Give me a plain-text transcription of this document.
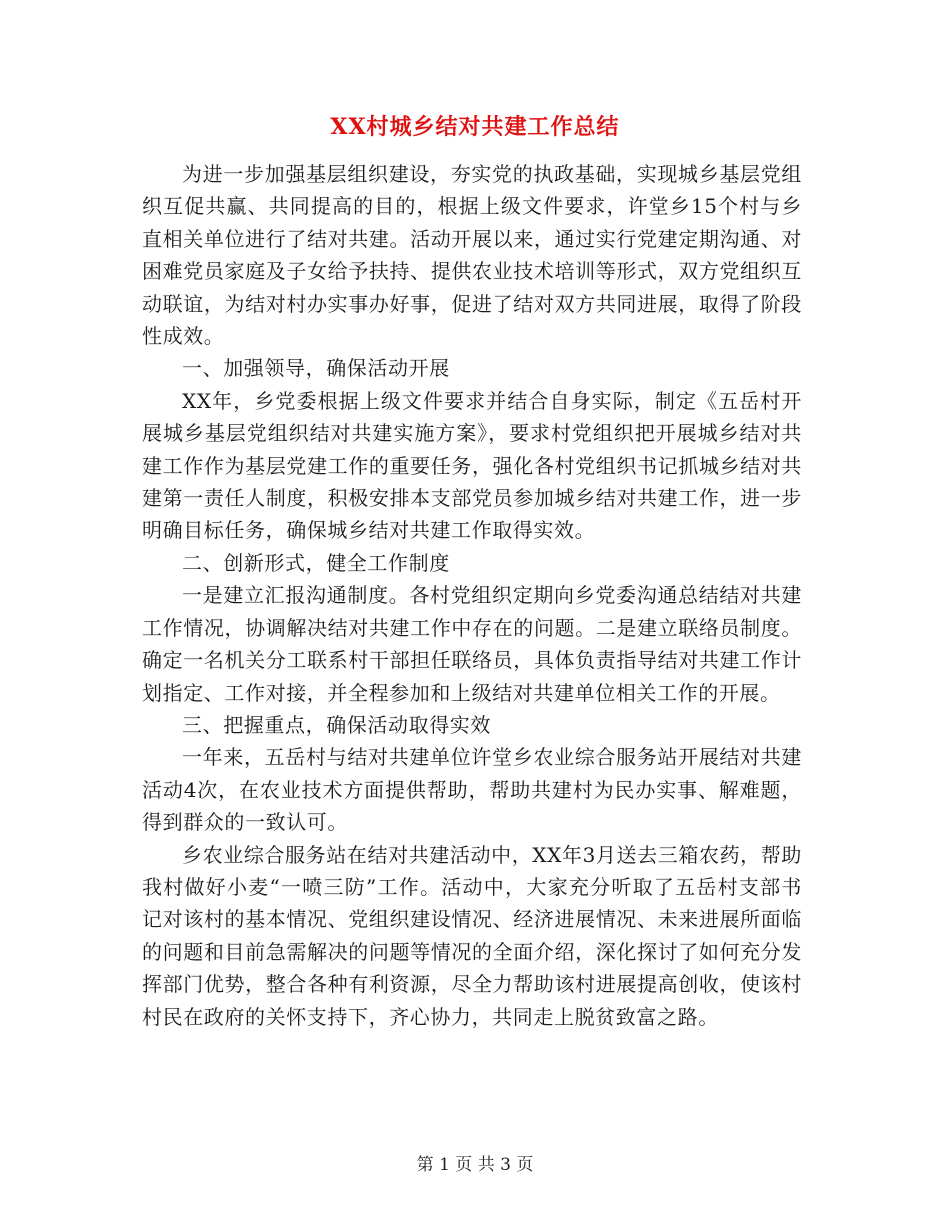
XX村城乡结对共建工作总结

为进一步加强基层组织建设，夯实党的执政基础，实现城乡基层党组织互促共赢、共同提高的目的，根据上级文件要求，许堂乡15个村与乡直相关单位进行了结对共建。活动开展以来，通过实行党建定期沟通、对困难党员家庭及子女给予扶持、提供农业技术培训等形式，双方党组织互动联谊，为结对村办实事办好事，促进了结对双方共同进展，取得了阶段性成效。

一、加强领导，确保活动开展

XX年，乡党委根据上级文件要求并结合自身实际，制定《五岳村开展城乡基层党组织结对共建实施方案》，要求村党组织把开展城乡结对共建工作作为基层党建工作的重要任务，强化各村党组织书记抓城乡结对共建第一责任人制度，积极安排本支部党员参加城乡结对共建工作，进一步明确目标任务，确保城乡结对共建工作取得实效。

二、创新形式，健全工作制度

一是建立汇报沟通制度。各村党组织定期向乡党委沟通总结结对共建工作情况，协调解决结对共建工作中存在的问题。二是建立联络员制度。确定一名机关分工联系村干部担任联络员，具体负责指导结对共建工作计划指定、工作对接，并全程参加和上级结对共建单位相关工作的开展。

三、把握重点，确保活动取得实效

一年来，五岳村与结对共建单位许堂乡农业综合服务站开展结对共建活动4次，在农业技术方面提供帮助，帮助共建村为民办实事、解难题，得到群众的一致认可。

乡农业综合服务站在结对共建活动中，XX年3月送去三箱农药，帮助我村做好小麦“一喷三防”工作。活动中，大家充分听取了五岳村支部书记对该村的基本情况、党组织建设情况、经济进展情况、未来进展所面临的问题和目前急需解决的问题等情况的全面介绍，深化探讨了如何充分发挥部门优势，整合各种有利资源，尽全力帮助该村进展提高创收，使该村村民在政府的关怀支持下，齐心协力，共同走上脱贫致富之路。

第 1 页 共 3 页
